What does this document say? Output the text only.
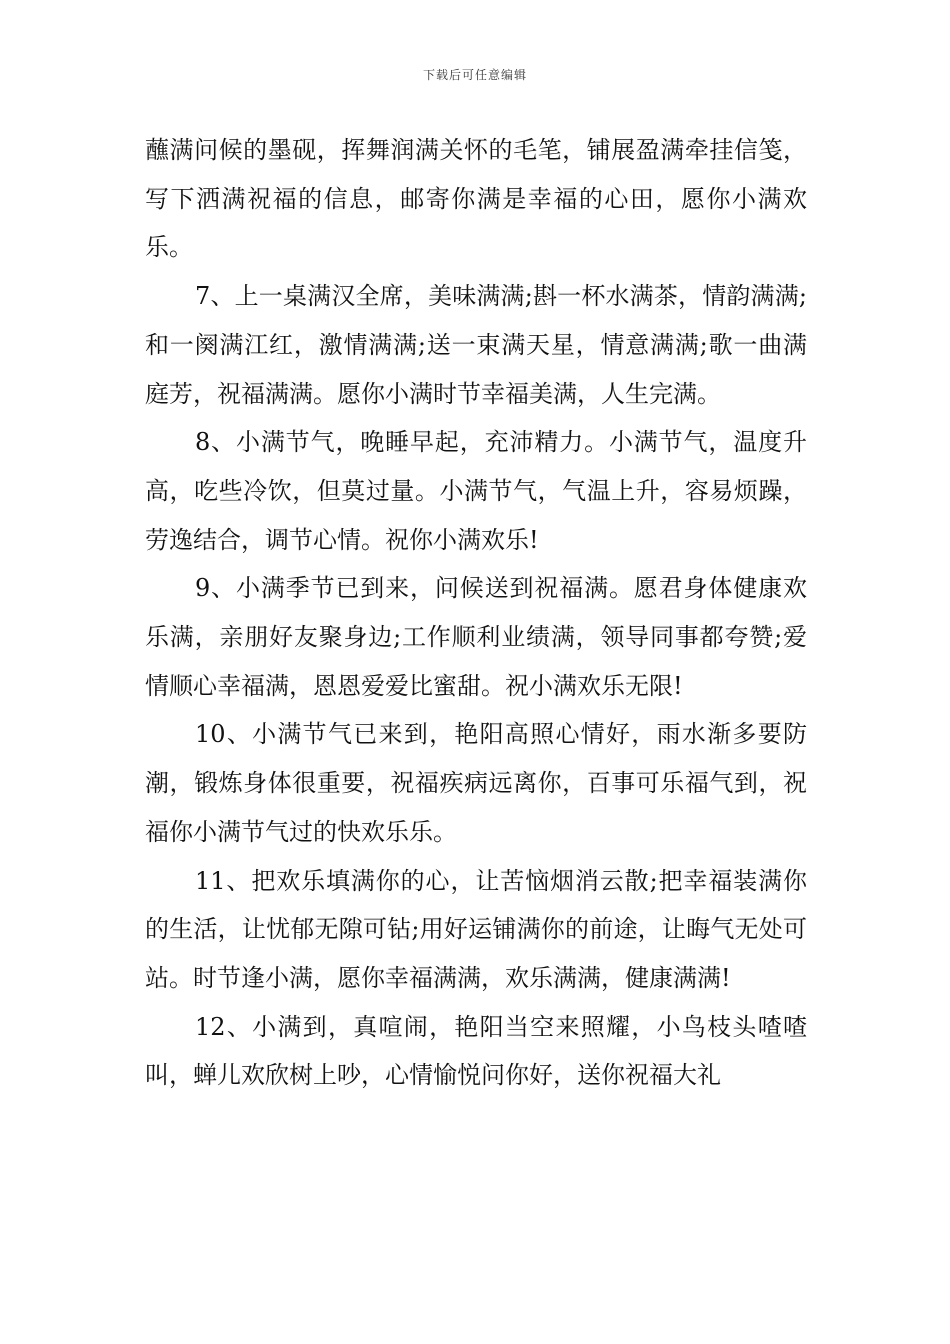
下载后可任意编辑

蘸满问候的墨砚，挥舞润满关怀的毛笔，铺展盈满牵挂信笺，写下洒满祝福的信息，邮寄你满是幸福的心田，愿你小满欢乐。

7、上一桌满汉全席，美味满满;斟一杯水满茶，情韵满满;和一阕满江红，激情满满;送一束满天星，情意满满;歌一曲满庭芳，祝福满满。愿你小满时节幸福美满，人生完满。

8、小满节气，晚睡早起，充沛精力。小满节气，温度升高，吃些冷饮，但莫过量。小满节气，气温上升，容易烦躁，劳逸结合，调节心情。祝你小满欢乐!

9、小满季节已到来，问候送到祝福满。愿君身体健康欢乐满，亲朋好友聚身边;工作顺利业绩满，领导同事都夸赞;爱情顺心幸福满，恩恩爱爱比蜜甜。祝小满欢乐无限!

10、小满节气已来到，艳阳高照心情好，雨水渐多要防潮，锻炼身体很重要，祝福疾病远离你，百事可乐福气到，祝福你小满节气过的快欢乐乐。

11、把欢乐填满你的心，让苦恼烟消云散;把幸福装满你的生活，让忧郁无隙可钻;用好运铺满你的前途，让晦气无处可站。时节逢小满，愿你幸福满满，欢乐满满，健康满满!

12、小满到，真喧闹，艳阳当空来照耀，小鸟枝头喳喳叫，蝉儿欢欣树上吵，心情愉悦问你好，送你祝福大礼
